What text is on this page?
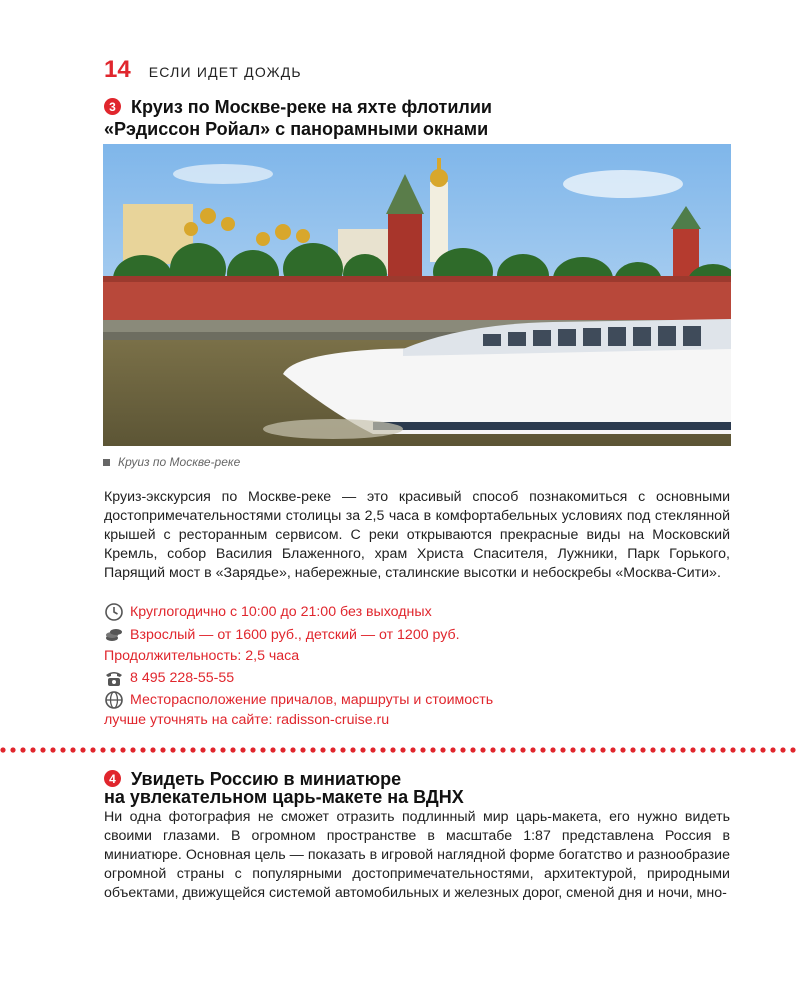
14 ЕСЛИ ИДЕТ ДОЖДЬ
3 Круиз по Москве-реке на яхте флотилии
«Рэдиссон Ройал» с панорамными окнами
Круиз по Москве-реке
Круиз-экскурсия по Москве-реке — это красивый способ познакомиться с основными достопримечательностями столицы за 2,5 часа в комфортабельных условиях под стеклянной крышей с ресторанным сервисом. С реки открываются прекрасные виды на Московский Кремль, собор Василия Блаженного, храм Христа Спасителя, Лужники, Парк Горького, Парящий мост в «Зарядье», набережные, сталинские высотки и небоскребы «Москва-Сити».
Круглогодично с 10:00 до 21:00 без выходных
Взрослый — от 1600 руб., детский — от 1200 руб.
Продолжительность: 2,5 часа
8 495 228-55-55
Месторасположение причалов, маршруты и стоимость
лучше уточнять на сайте: radisson-cruise.ru
4 Увидеть Россию в миниатюре
на увлекательном царь-макете на ВДНХ
Ни одна фотография не сможет отразить подлинный мир царь-макета, его нужно видеть своими глазами. В огромном пространстве в масштабе 1:87 представлена Россия в миниатюре. Основная цель — показать в игровой наглядной форме богатство и разнообразие огромной страны с популярными достопримечательностями, архитектурой, природными объектами, движущейся системой автомобильных и железных дорог, сменой дня и ночи, мно-
